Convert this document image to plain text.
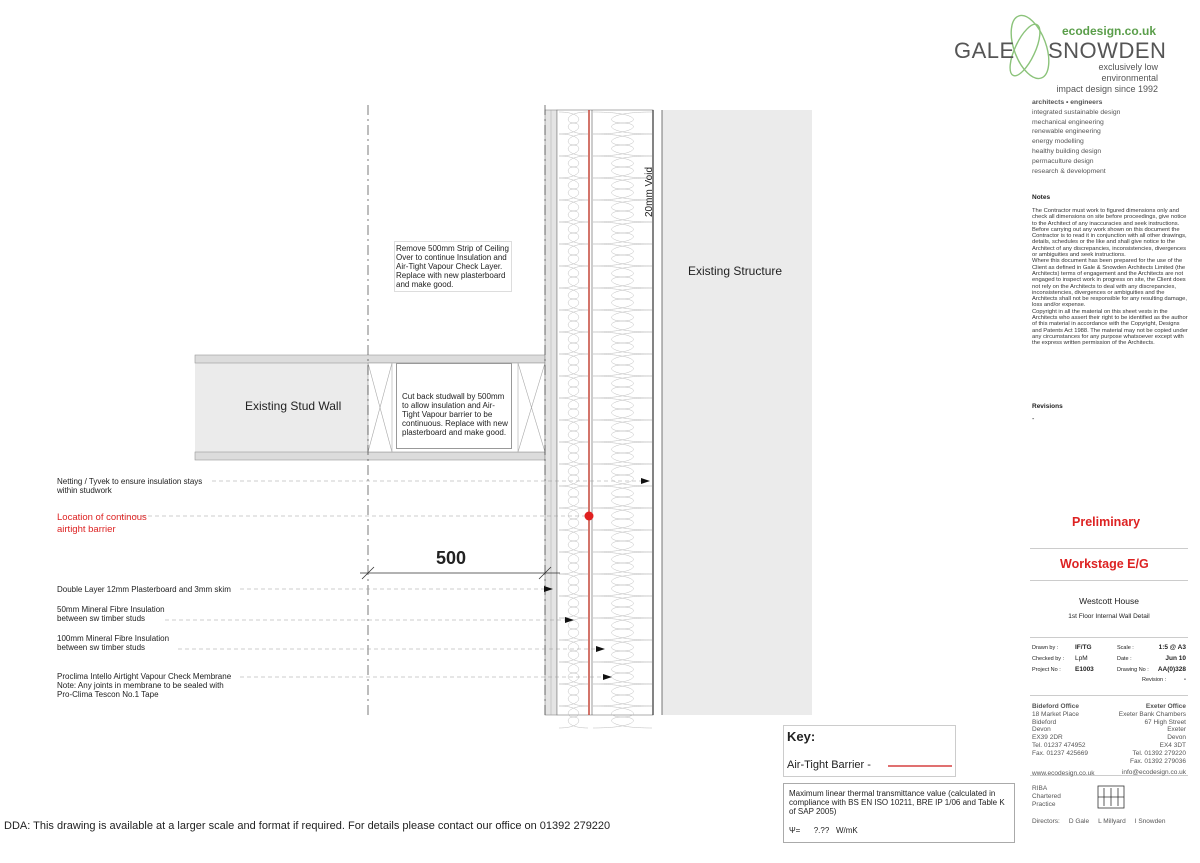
Existing Structure
Existing Stud Wall
20mm Void
Remove 500mm Strip of Ceiling Over to continue Insulation and Air-Tight Vapour Check Layer. Replace with new plasterboard and make good.
Cut back studwall by 500mm to allow insulation and Air-Tight Vapour barrier to be continuous. Replace with new plasterboard and make good.
500
Netting / Tyvek to ensure insulation stays
within studwork
Location of continous
airtight barrier
Double Layer 12mm Plasterboard and 3mm skim
50mm Mineral Fibre Insulation
between sw timber studs
100mm Mineral Fibre Insulation
between sw timber studs
Proclima Intello Airtight Vapour Check Membrane
Note: Any joints in membrane to be sealed with
Pro-Clima Tescon No.1 Tape
Key:
Air-Tight Barrier -
Maximum linear thermal transmittance value (calculated in compliance with BS EN ISO 10211, BRE IP 1/06 and Table K of SAP 2005)
Ψ= ?.?? W/mK
DDA: This drawing is available at a larger scale and format if required. For details please contact our office on 01392 279220
ecodesign.co.uk
GALE SNOWDEN
exclusively low environmental
impact design since 1992
architects • engineers
integrated sustainable design
mechanical engineering
renewable engineering
energy modelling
healthy building design
permaculture design
research & development
Notes
The Contractor must work to figured dimensions only and check all dimensions on site before proceedings, give notice to the Architect of any inaccuracies and seek instructions.
Before carrying out any work shown on this document the Contractor is to read it in conjunction with all other drawings, details, schedules or the like and shall give notice to the Architect of any discrepancies, inconsistencies, divergences or ambiguities and seek instructions.
Where this document has been prepared for the use of the Client as defined in Gale & Snowden Architects Limited (the Architects) terms of engagement and the Architects are not engaged to inspect work in progress on site, the Client does not rely on the Architects to deal with any discrepancies, inconsistencies, divergences or ambiguities and the Architects shall not be responsible for any resulting damage, loss and/or expense.
Copyright in all the material on this sheet vests in the Architects who assert their right to be identified as the author of this material in accordance with the Copyright, Designs and Patents Act 1988. The material may not be copied under any circumstances for any purpose whatsoever except with the express written permission of the Architects.
Revisions
-
Preliminary
Workstage E/G
Westcott House
1st Floor Internal Wall Detail
Drawn by :	IF/TG
Checked by : LpM
Project No : E1003
Scale :	1:5 @ A3
Date :	Jun 10
Drawing No :	AA(0)328
Revision :	-
Bideford Office
18 Market Place
Bideford
Devon
EX39 2DR
Tel. 01237 474952
Fax. 01237 425669
www.ecodesign.co.uk
Exeter Office
Exeter Bank Chambers
67 High Street
Exeter
Devon
EX4 3DT
Tel. 01392 279220
Fax. 01392 279036
info@ecodesign.co.uk
RIBA
Chartered
Practice
Directors: D Gale L Millyard I Snowden
